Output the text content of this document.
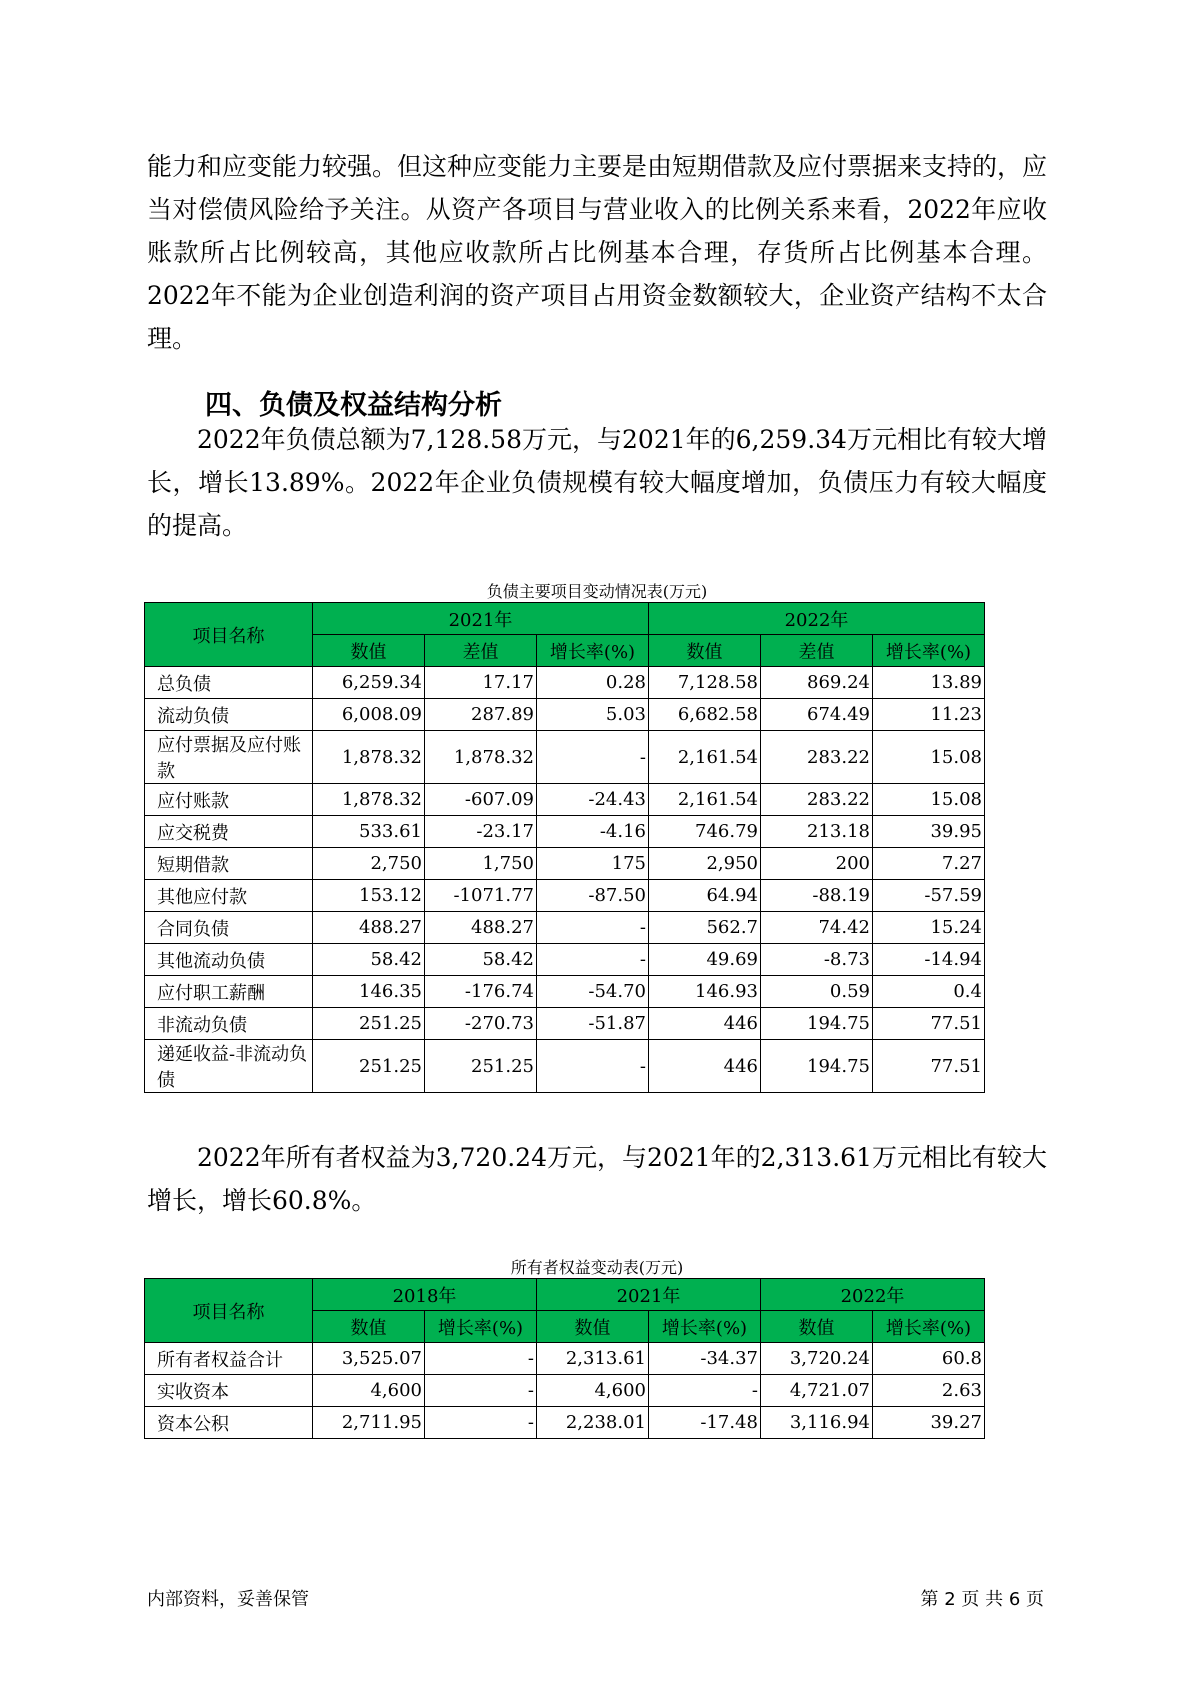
能力和应变能力较强。但这种应变能力主要是由短期借款及应付票据来支持的，应当对偿债风险给予关注。从资产各项目与营业收入的比例关系来看，2022年应收账款所占比例较高，其他应收款所占比例基本合理，存货所占比例基本合理。2022年不能为企业创造利润的资产项目占用资金数额较大，企业资产结构不太合理。

四、负债及权益结构分析

2022年负债总额为7,128.58万元，与2021年的6,259.34万元相比有较大增长，增长13.89%。2022年企业负债规模有较大幅度增加，负债压力有较大幅度的提高。

负债主要项目变动情况表(万元)
项目名称	2021年			2022年		
	数值	差值	增长率(%)	数值	差值	增长率(%)
总负债	6,259.34	17.17	0.28	7,128.58	869.24	13.89
流动负债	6,008.09	287.89	5.03	6,682.58	674.49	11.23
应付票据及应付账款	1,878.32	1,878.32	-	2,161.54	283.22	15.08
应付账款	1,878.32	-607.09	-24.43	2,161.54	283.22	15.08
应交税费	533.61	-23.17	-4.16	746.79	213.18	39.95
短期借款	2,750	1,750	175	2,950	200	7.27
其他应付款	153.12	-1071.77	-87.50	64.94	-88.19	-57.59
合同负债	488.27	488.27	-	562.7	74.42	15.24
其他流动负债	58.42	58.42	-	49.69	-8.73	-14.94
应付职工薪酬	146.35	-176.74	-54.70	146.93	0.59	0.4
非流动负债	251.25	-270.73	-51.87	446	194.75	77.51
递延收益-非流动负债	251.25	251.25	-	446	194.75	77.51

2022年所有者权益为3,720.24万元，与2021年的2,313.61万元相比有较大增长，增长60.8%。

所有者权益变动表(万元)
项目名称	2018年		2021年		2022年	
	数值	增长率(%)	数值	增长率(%)	数值	增长率(%)
所有者权益合计	3,525.07	-	2,313.61	-34.37	3,720.24	60.8
实收资本	4,600	-	4,600	-	4,721.07	2.63
资本公积	2,711.95	-	2,238.01	-17.48	3,116.94	39.27
内部资料，妥善保管	第 2 页 共 6 页
